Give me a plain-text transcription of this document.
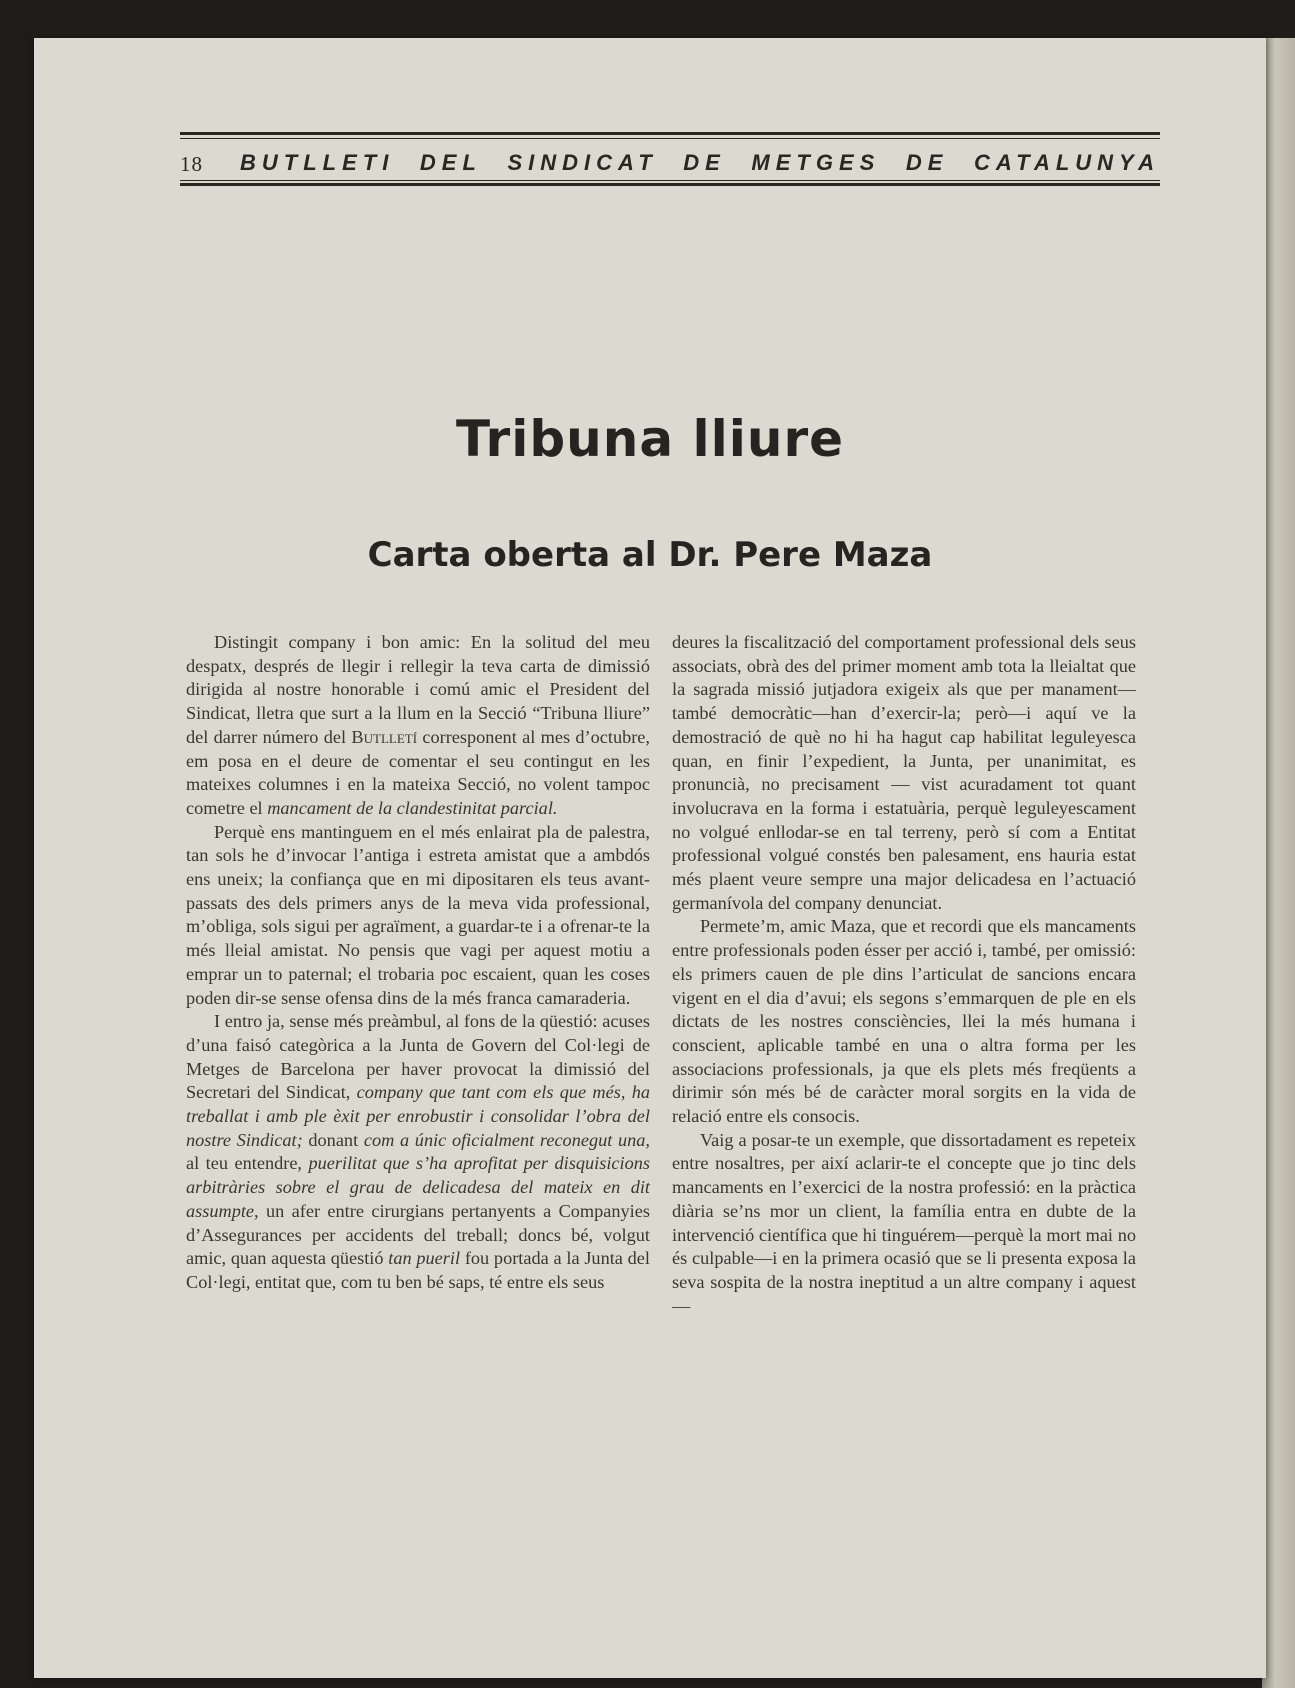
18 BUTLLETI DEL SINDICAT DE METGES DE CATALUNYA
Tribuna lliure
Carta oberta al Dr. Pere Maza

Distingit company i bon amic: En la solitud del meu despatx, després de llegir i rellegir la teva carta de dimissió dirigida al nostre honorable i comú amic el President del Sindicat, lletra que surt a la llum en la Secció “Tribuna lliure” del darrer número del Butlletí corresponent al mes d’octubre, em posa en el deure de comentar el seu contingut en les mateixes columnes i en la mateixa Secció, no volent tampoc cometre el mancament de la clandestinitat parcial.

Perquè ens mantinguem en el més enlairat pla de palestra, tan sols he d’invocar l’antiga i estreta amistat que a ambdós ens uneix; la confiança que en mi dipositaren els teus avant-passats des dels primers anys de la meva vida professional, m’obliga, sols sigui per agraïment, a guardar-te i a ofrenar-te la més lleial amistat. No pensis que vagi per aquest motiu a emprar un to paternal; el trobaria poc escaient, quan les coses poden dir-se sense ofensa dins de la més franca camaraderia.

I entro ja, sense més preàmbul, al fons de la qüestió: acuses d’una faisó categòrica a la Junta de Govern del Col·legi de Metges de Barcelona per haver provocat la dimissió del Secretari del Sindicat, company que tant com els que més, ha treballat i amb ple èxit per enrobustir i consolidar l’obra del nostre Sindicat; donant com a únic oficialment reconegut una, al teu entendre, puerilitat que s’ha aprofitat per disquisicions arbitràries sobre el grau de delicadesa del mateix en dit assumpte, un afer entre cirurgians pertanyents a Companyies d’Assegurances per accidents del treball; doncs bé, volgut amic, quan aquesta qüestió tan pueril fou portada a la Junta del Col·legi, entitat que, com tu ben bé saps, té entre els seus

deures la fiscalització del comportament professional dels seus associats, obrà des del primer moment amb tota la lleialtat que la sagrada missió jutjadora exigeix als que per manament—també democràtic—han d’exercir-la; però—i aquí ve la demostració de què no hi ha hagut cap habilitat leguleyesca quan, en finir l’expedient, la Junta, per unanimitat, es pronuncià, no precisament — vist acuradament tot quant involucrava en la forma i estatuària, perquè leguleyescament no volgué enllodar-se en tal terreny, però sí com a Entitat professional volgué constés ben palesament, ens hauria estat més plaent veure sempre una major delicadesa en l’actuació germanívola del company denunciat.

Permete’m, amic Maza, que et recordi que els mancaments entre professionals poden ésser per acció i, també, per omissió: els primers cauen de ple dins l’articulat de sancions encara vigent en el dia d’avui; els segons s’emmarquen de ple en els dictats de les nostres consciències, llei la més humana i conscient, aplicable també en una o altra forma per les associacions professionals, ja que els plets més freqüents a dirimir són més bé de caràcter moral sorgits en la vida de relació entre els consocis.

Vaig a posar-te un exemple, que dissortadament es repeteix entre nosaltres, per així aclarir-te el concepte que jo tinc dels mancaments en l’exercici de la nostra professió: en la pràctica diària se’ns mor un client, la família entra en dubte de la intervenció científica que hi tinguérem—perquè la mort mai no és culpable—i en la primera ocasió que se li presenta exposa la seva sospita de la nostra ineptitud a un altre company i aquest—
